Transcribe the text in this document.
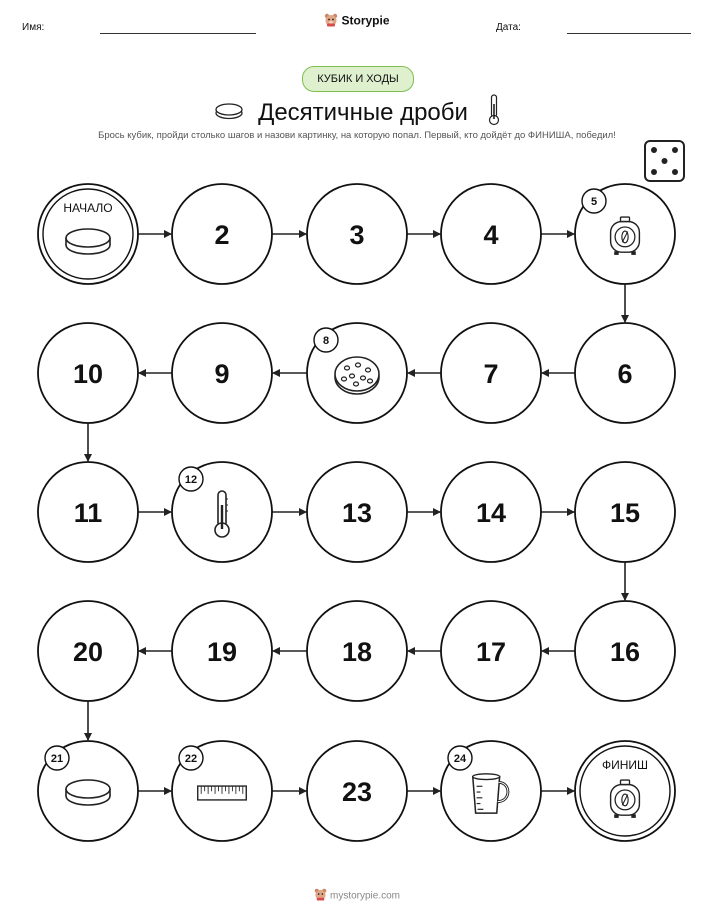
Имя:	Дата:
Storypie
КУБИК И ХОДЫ
Десятичные дроби
Брось кубик, пройди столько шагов и назови картинку, на которую попал. Первый, кто дойдёт до ФИНИША, победил!
НАЧАЛО
2	3	4
5
6
7
8
9
10
11
12
13	14	15
16
17
18
19
20
21	22
23
24	ФИНИШ
mystorypie.com
